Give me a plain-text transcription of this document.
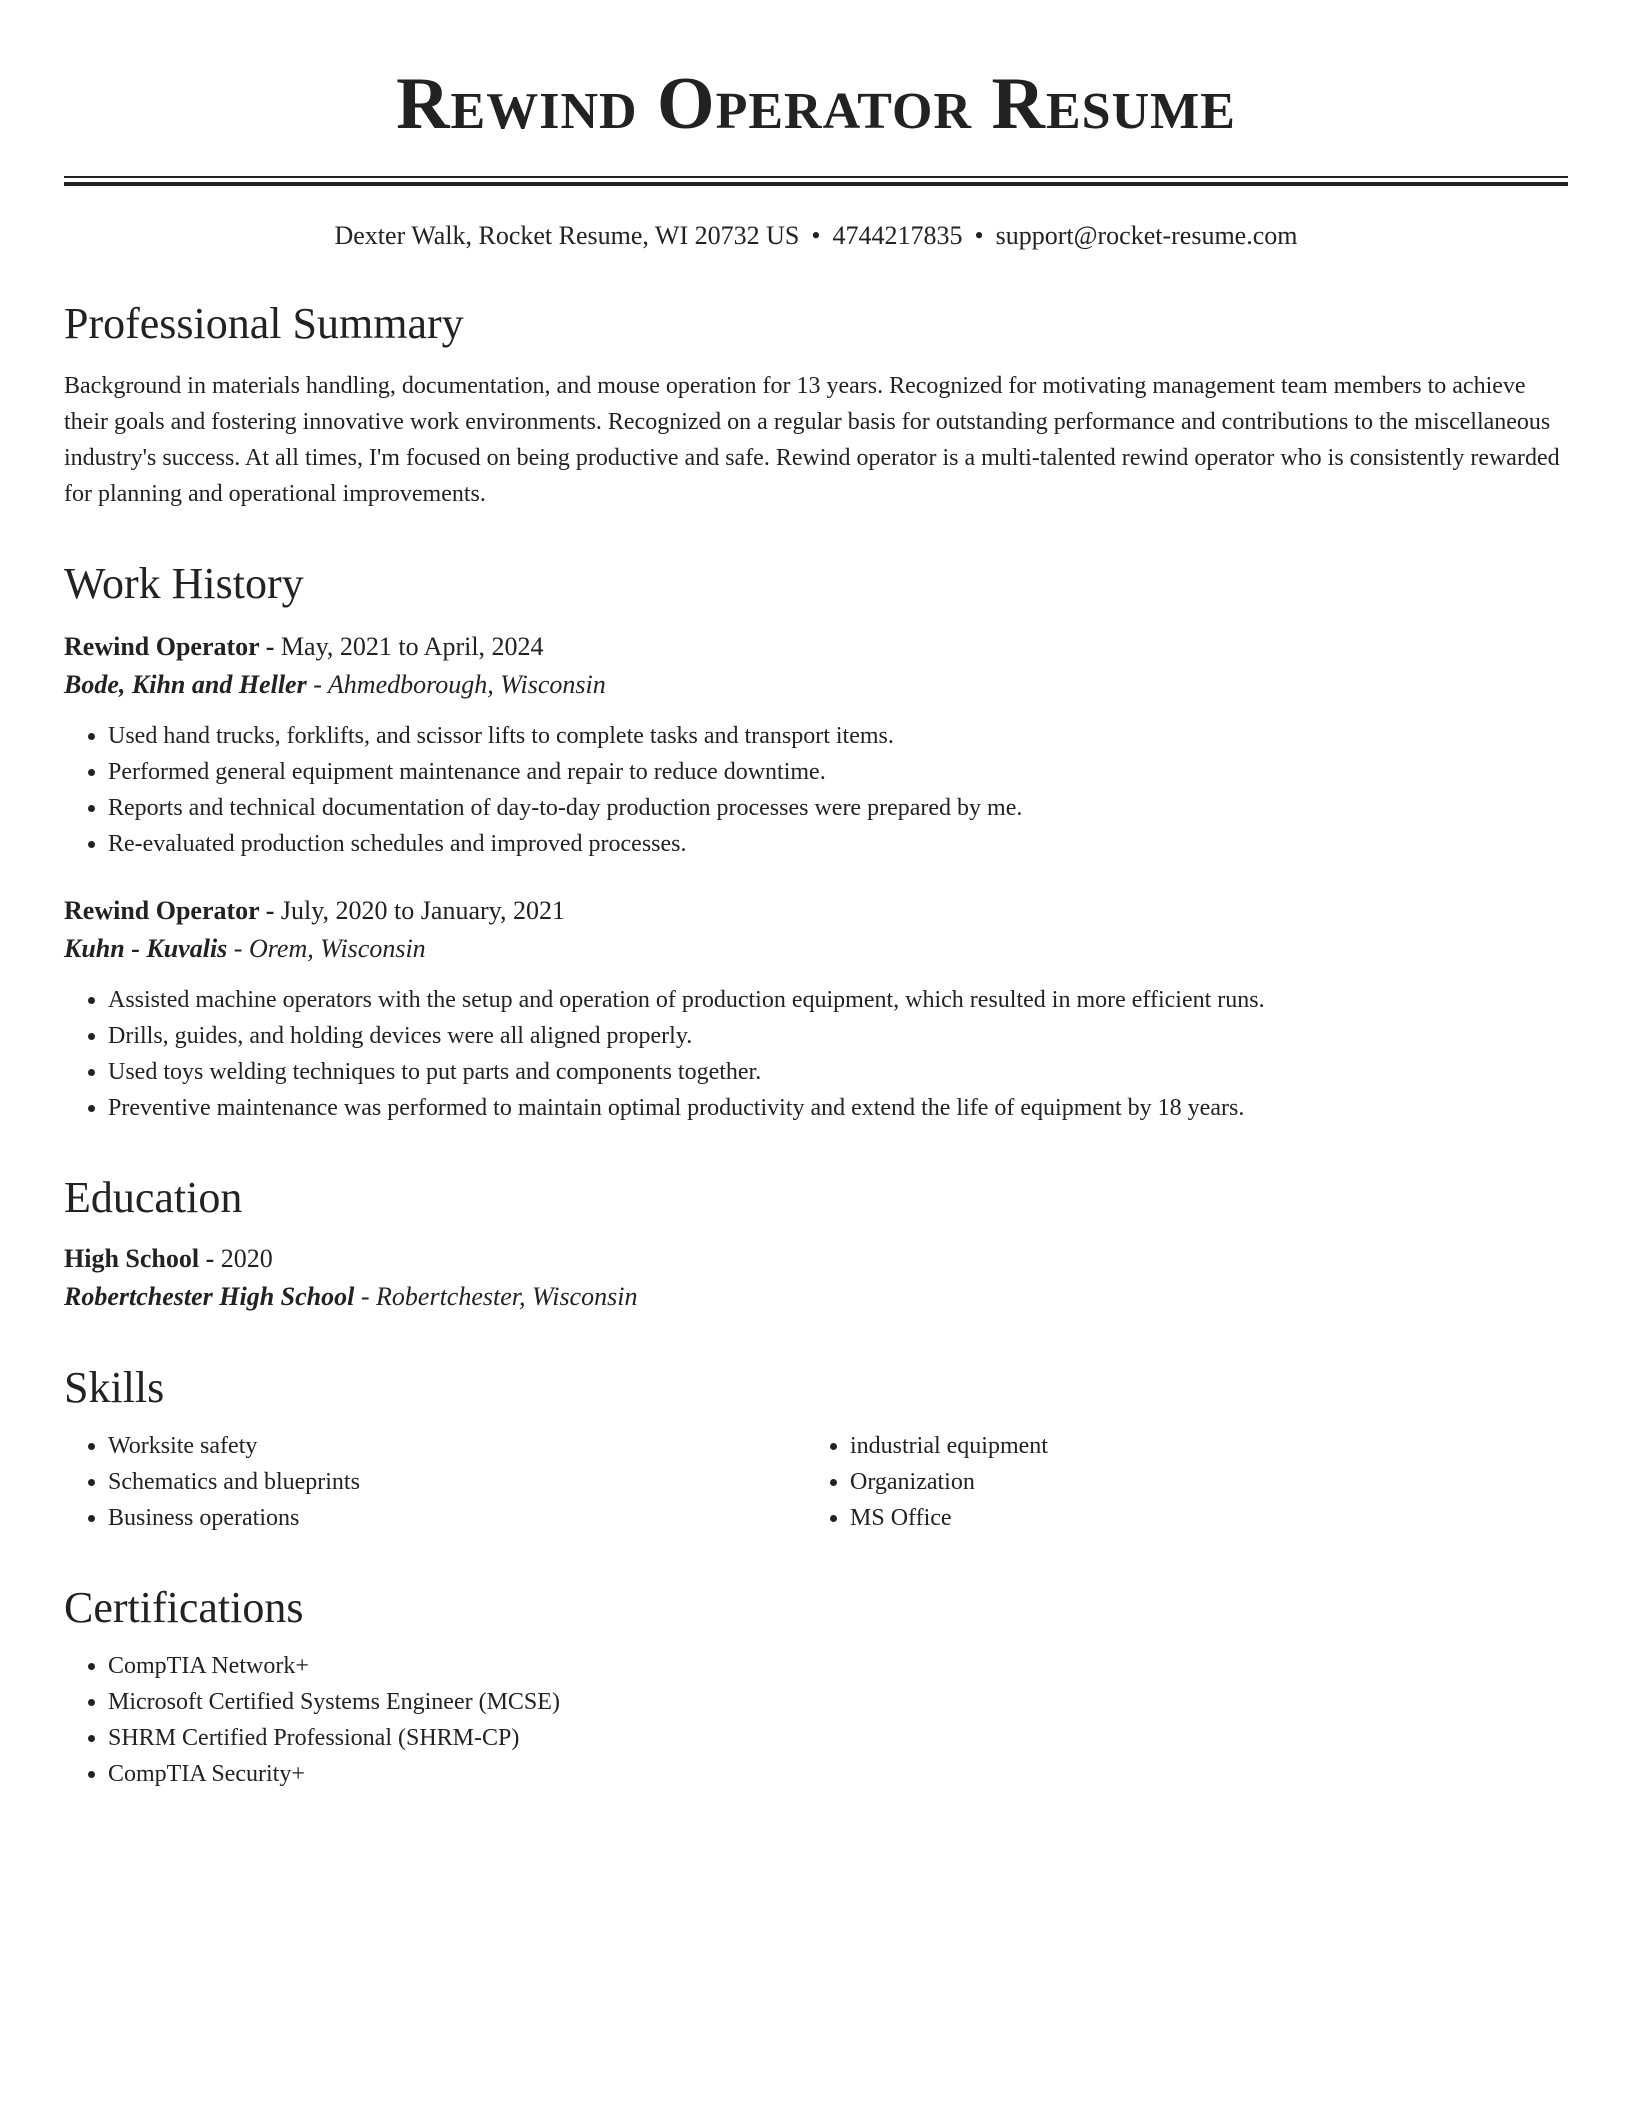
Rewind Operator Resume
Dexter Walk, Rocket Resume, WI 20732 US • 4744217835 • support@rocket-resume.com
Professional Summary
Background in materials handling, documentation, and mouse operation for 13 years. Recognized for motivating management team members to achieve their goals and fostering innovative work environments. Recognized on a regular basis for outstanding performance and contributions to the miscellaneous industry's success. At all times, I'm focused on being productive and safe. Rewind operator is a multi-talented rewind operator who is consistently rewarded for planning and operational improvements.
Work History
Rewind Operator - May, 2021 to April, 2024
Bode, Kihn and Heller - Ahmedborough, Wisconsin
• Used hand trucks, forklifts, and scissor lifts to complete tasks and transport items.
• Performed general equipment maintenance and repair to reduce downtime.
• Reports and technical documentation of day-to-day production processes were prepared by me.
• Re-evaluated production schedules and improved processes.
Rewind Operator - July, 2020 to January, 2021
Kuhn - Kuvalis - Orem, Wisconsin
• Assisted machine operators with the setup and operation of production equipment, which resulted in more efficient runs.
• Drills, guides, and holding devices were all aligned properly.
• Used toys welding techniques to put parts and components together.
• Preventive maintenance was performed to maintain optimal productivity and extend the life of equipment by 18 years.
Education
High School - 2020
Robertchester High School - Robertchester, Wisconsin
Skills
• Worksite safety
• Schematics and blueprints
• Business operations
• industrial equipment
• Organization
• MS Office
Certifications
• CompTIA Network+
• Microsoft Certified Systems Engineer (MCSE)
• SHRM Certified Professional (SHRM-CP)
• CompTIA Security+
